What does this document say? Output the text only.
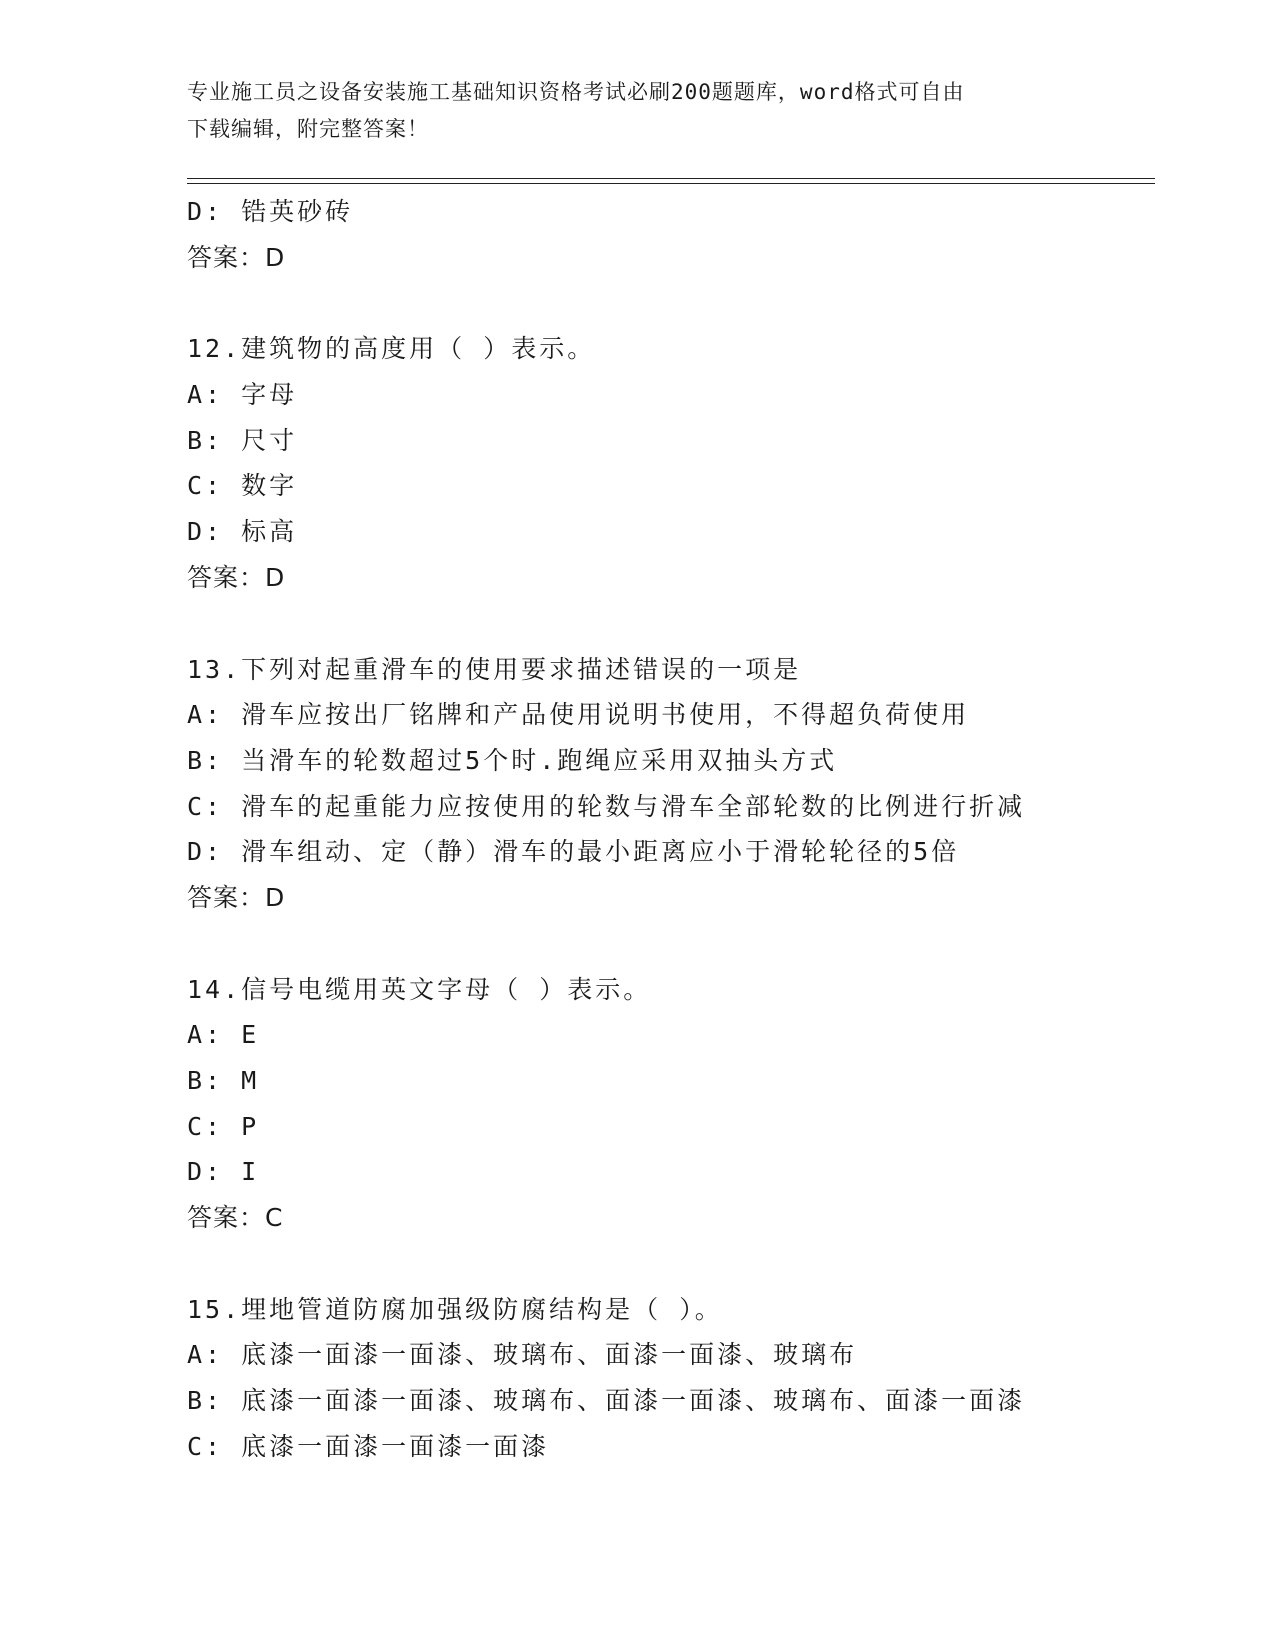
专业施工员之设备安装施工基础知识资格考试必刷200题题库，word格式可自由
下载编辑，附完整答案！
D: 锆英砂砖
答案：D
12.建筑物的高度用（ ）表示。
A: 字母
B: 尺寸
C: 数字
D: 标高
答案：D
13.下列对起重滑车的使用要求描述错误的一项是
A: 滑车应按出厂铭牌和产品使用说明书使用，不得超负荷使用
B: 当滑车的轮数超过5个时.跑绳应采用双抽头方式
C: 滑车的起重能力应按使用的轮数与滑车全部轮数的比例进行折减
D: 滑车组动、定（静）滑车的最小距离应小于滑轮轮径的5倍
答案：D
14.信号电缆用英文字母（ ）表示。
A: E
B: M
C: P
D: I
答案：C
15.埋地管道防腐加强级防腐结构是（ ）。
A: 底漆一面漆一面漆、玻璃布、面漆一面漆、玻璃布
B: 底漆一面漆一面漆、玻璃布、面漆一面漆、玻璃布、面漆一面漆
C: 底漆一面漆一面漆一面漆
